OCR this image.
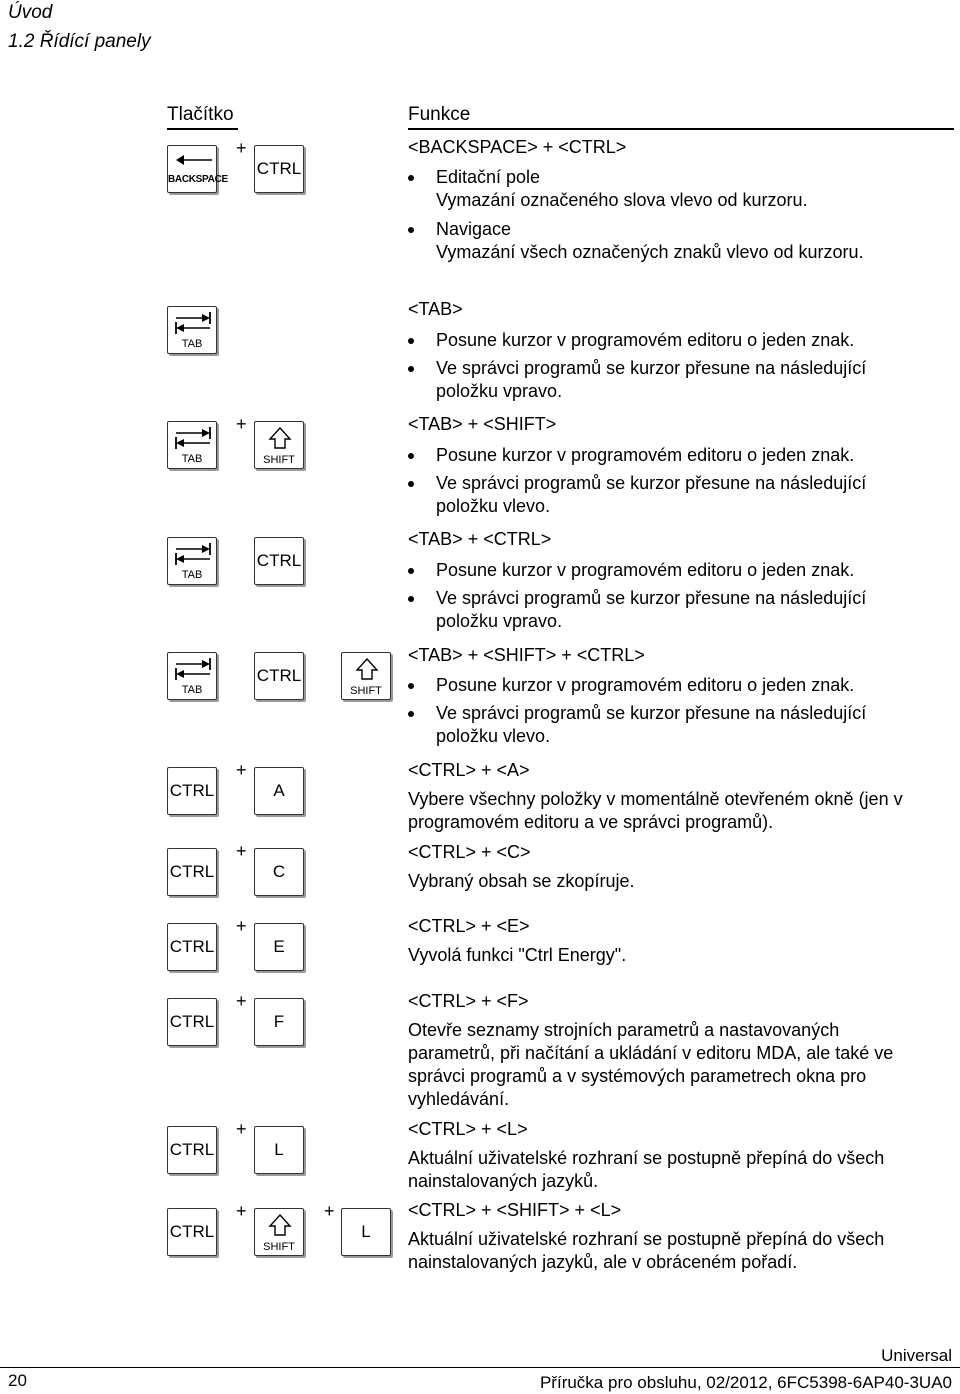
Úvod
1.2 Řídící panely
Tlačítko	Funkce
BACKSPACE
+
CTRL
TAB
TAB
+
SHIFT
TAB
CTRL
TAB
CTRL
SHIFT
CTRL
+
A
CTRL
+
C
CTRL
+
E
CTRL
+
F
CTRL
+
L
CTRL
+
SHIFT
+
L
<BACKSPACE> + <CTRL>
Editační pole
Vymazání označeného slova vlevo od kurzoru.
Navigace
Vymazání všech označených znaků vlevo od kurzoru.
<TAB>
Posune kurzor v programovém editoru o jeden znak.
Ve správci programů se kurzor přesune na následující
položku vpravo.
<TAB> + <SHIFT>
Posune kurzor v programovém editoru o jeden znak.
Ve správci programů se kurzor přesune na následující
položku vlevo.
<TAB> + <CTRL>
Posune kurzor v programovém editoru o jeden znak.
Ve správci programů se kurzor přesune na následující
položku vpravo.
<TAB> + <SHIFT> + <CTRL>
Posune kurzor v programovém editoru o jeden znak.
Ve správci programů se kurzor přesune na následující
položku vlevo.
<CTRL> + <A>
Vybere všechny položky v momentálně otevřeném okně (jen v
programovém editoru a ve správci programů).
<CTRL> + <C>
Vybraný obsah se zkopíruje.
<CTRL> + <E>
Vyvolá funkci "Ctrl Energy".
<CTRL> + <F>
Otevře seznamy strojních parametrů a nastavovaných
parametrů, při načítání a ukládání v editoru MDA, ale také ve
správci programů a v systémových parametrech okna pro
vyhledávání.
<CTRL> + <L>
Aktuální uživatelské rozhraní se postupně přepíná do všech
nainstalovaných jazyků.
<CTRL> + <SHIFT> + <L>
Aktuální uživatelské rozhraní se postupně přepíná do všech
nainstalovaných jazyků, ale v obráceném pořadí.
Universal
20	Příručka pro obsluhu, 02/2012, 6FC5398-6AP40-3UA0
